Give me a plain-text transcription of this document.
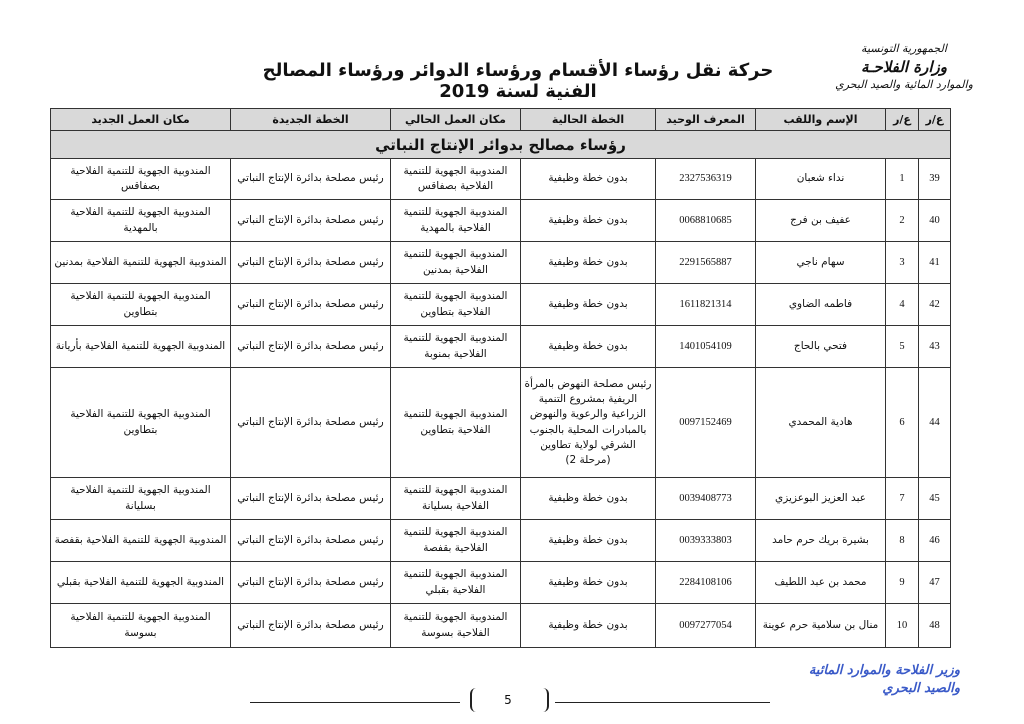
الجمهورية التونسية
وزارة الفلاحـة
والموارد المائية والصيد البحري
حركة نقل رؤساء الأقسام ورؤساء الدوائر ورؤساء المصالح الفنية لسنة 2019
ع/ر	ع/ر	الإسم واللقب	المعرف الوحيد	الخطة الحالية	مكان العمل الحالي	الخطة الجديدة	مكان العمل الجديد
رؤساء مصالح بدوائر الإنتاج النباتي							
39	1	نداء شعبان	2327536319	بدون خطة وظيفية	المندوبية الجهوية للتنمية الفلاحية بصفاقس	رئيس مصلحة بدائرة الإنتاج النباتي	المندوبية الجهوية للتنمية الفلاحية بصفاقس
40	2	عفيف بن فرج	0068810685	بدون خطة وظيفية	المندوبية الجهوية للتنمية الفلاحية بالمهدية	رئيس مصلحة بدائرة الإنتاج النباتي	المندوبية الجهوية للتنمية الفلاحية بالمهدية
41	3	سهام ناجي	2291565887	بدون خطة وظيفية	المندوبية الجهوية للتنمية الفلاحية بمدنين	رئيس مصلحة بدائرة الإنتاج النباتي	المندوبية الجهوية للتنمية الفلاحية بمدنين
42	4	فاطمه الضاوي	1611821314	بدون خطة وظيفية	المندوبية الجهوية للتنمية الفلاحية بتطاوين	رئيس مصلحة بدائرة الإنتاج النباتي	المندوبية الجهوية للتنمية الفلاحية بتطاوين
43	5	فتحي بالحاج	1401054109	بدون خطة وظيفية	المندوبية الجهوية للتنمية الفلاحية بمنوبة	رئيس مصلحة بدائرة الإنتاج النباتي	المندوبية الجهوية للتنمية الفلاحية بأريانة
44	6	هادية المحمدي	0097152469	رئيس مصلحة النهوض بالمرأة الريفية بمشروع التنمية الزراعية والرعوية والنهوض بالمبادرات المحلية بالجنوب الشرقي لولاية تطاوين (مرحلة 2)	المندوبية الجهوية للتنمية الفلاحية بتطاوين	رئيس مصلحة بدائرة الإنتاج النباتي	المندوبية الجهوية للتنمية الفلاحية بتطاوين
45	7	عبد العزيز البوعزيزي	0039408773	بدون خطة وظيفية	المندوبية الجهوية للتنمية الفلاحية بسليانة	رئيس مصلحة بدائرة الإنتاج النباتي	المندوبية الجهوية للتنمية الفلاحية بسليانة
46	8	بشيرة بريك حرم حامد	0039333803	بدون خطة وظيفية	المندوبية الجهوية للتنمية الفلاحية بقفصة	رئيس مصلحة بدائرة الإنتاج النباتي	المندوبية الجهوية للتنمية الفلاحية بقفصة
47	9	محمد بن عبد اللطيف	2284108106	بدون خطة وظيفية	المندوبية الجهوية للتنمية الفلاحية بقبلي	رئيس مصلحة بدائرة الإنتاج النباتي	المندوبية الجهوية للتنمية الفلاحية بقبلي
48	10	منال بن سلامية حرم عوينة	0097277054	بدون خطة وظيفية	المندوبية الجهوية للتنمية الفلاحية بسوسة	رئيس مصلحة بدائرة الإنتاج النباتي	المندوبية الجهوية للتنمية الفلاحية بسوسة
5
وزير الفلاحة والموارد المائية
والصيد البحري
